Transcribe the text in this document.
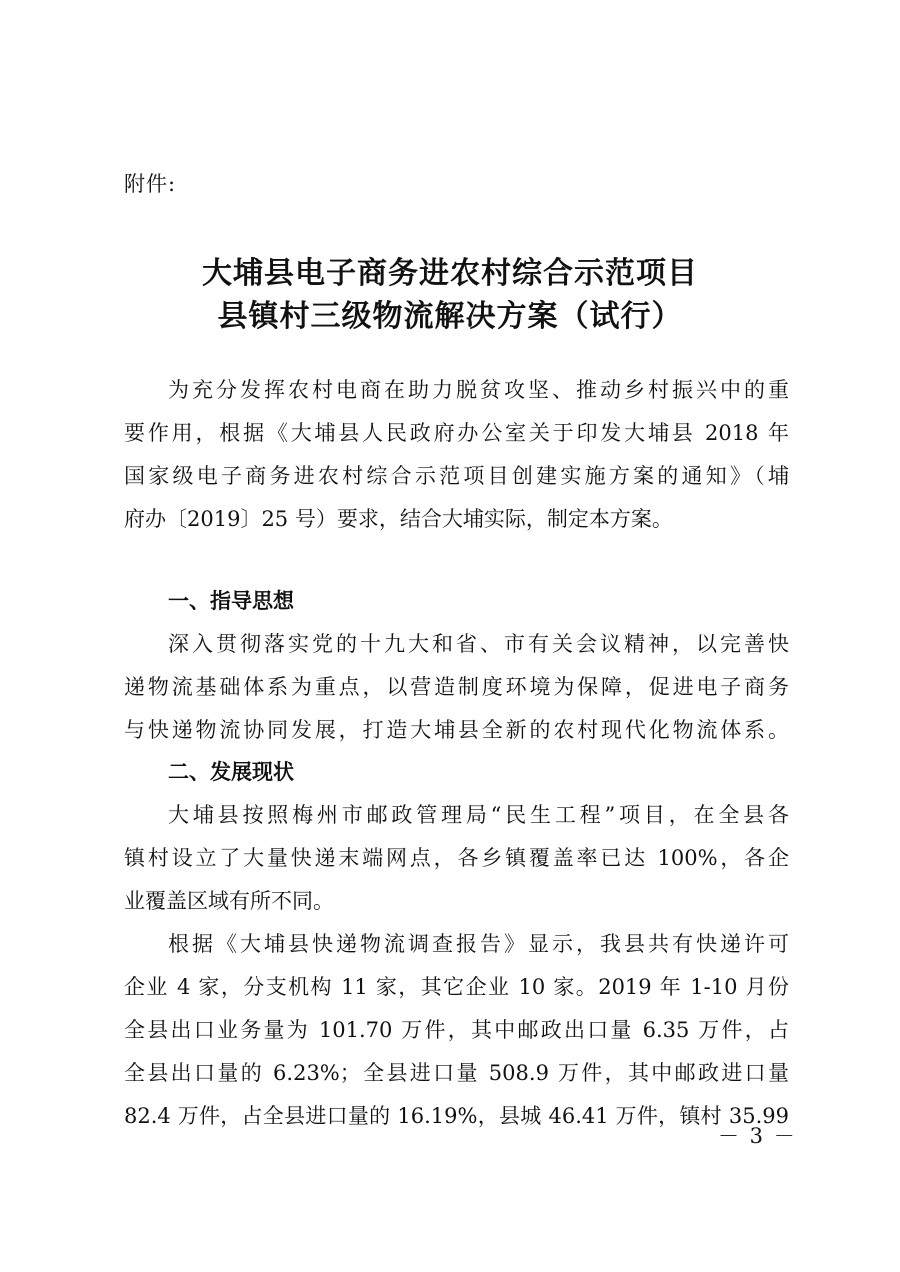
附件:
大埔县电子商务进农村综合示范项目
县镇村三级物流解决方案（试行）
为充分发挥农村电商在助力脱贫攻坚、推动乡村振兴中的重
要作用，根据《大埔县人民政府办公室关于印发大埔县 2018 年
国家级电子商务进农村综合示范项目创建实施方案的通知》（埔
府办〔2019〕25 号）要求，结合大埔实际，制定本方案。
一、指导思想
深入贯彻落实党的十九大和省、市有关会议精神，以完善快
递物流基础体系为重点，以营造制度环境为保障，促进电子商务
与快递物流协同发展，打造大埔县全新的农村现代化物流体系。
二、发展现状
大埔县按照梅州市邮政管理局“民生工程”项目，在全县各
镇村设立了大量快递末端网点，各乡镇覆盖率已达 100%，各企
业覆盖区域有所不同。
根据《大埔县快递物流调查报告》显示，我县共有快递许可
企业 4 家，分支机构 11 家，其它企业 10 家。2019 年 1-10 月份
全县出口业务量为 101.70 万件，其中邮政出口量 6.35 万件，占
全县出口量的 6.23%；全县进口量 508.9 万件，其中邮政进口量
82.4 万件，占全县进口量的 16.19%，县城 46.41 万件，镇村 35.99
－ 3 －
